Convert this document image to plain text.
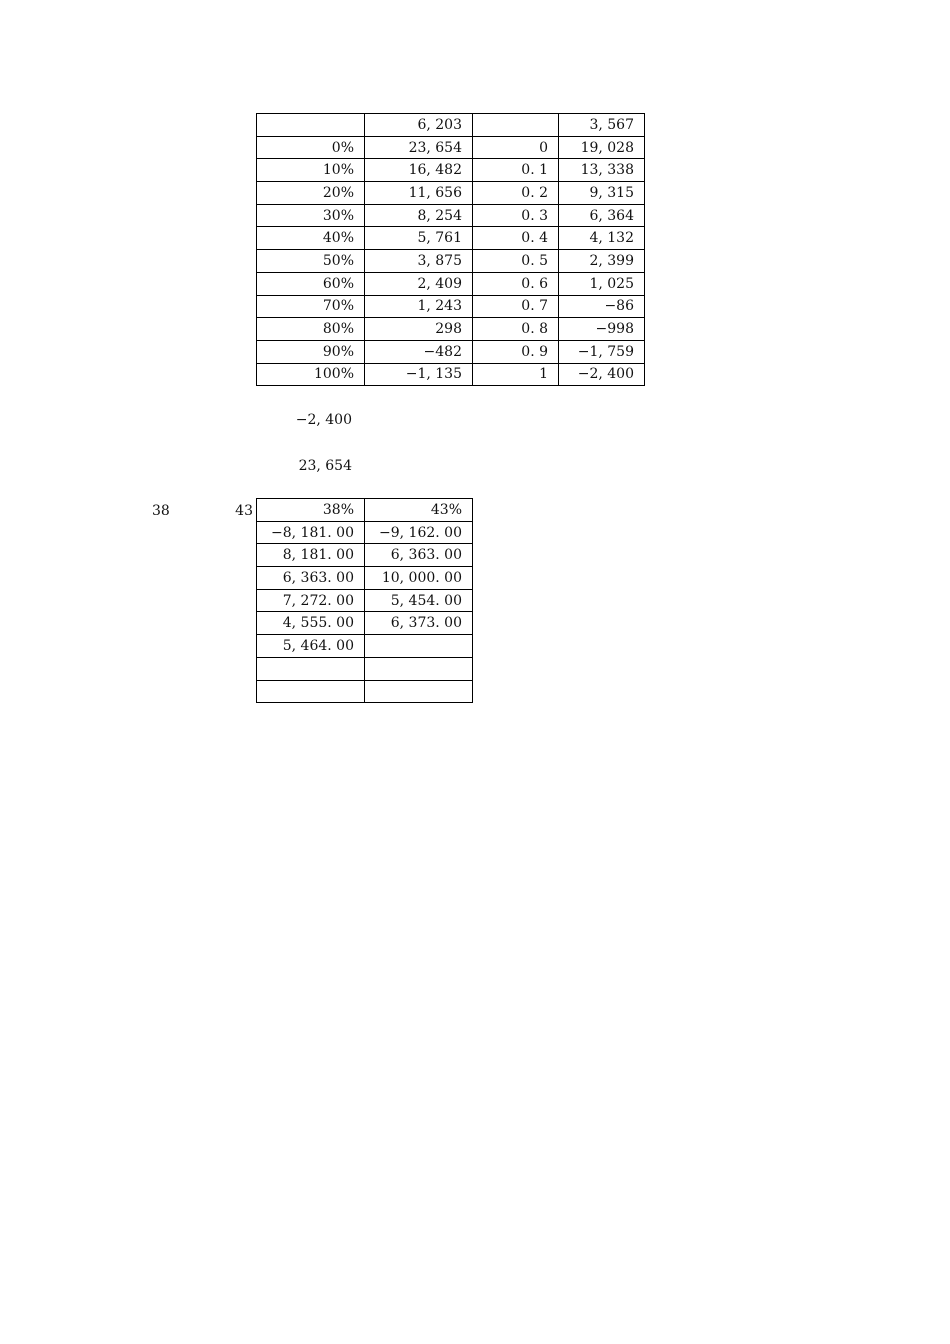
	6, 203		3, 567
0%	23, 654	0	19, 028
10%	16, 482	0. 1	13, 338
20%	11, 656	0. 2	9, 315
30%	8, 254	0. 3	6, 364
40%	5, 761	0. 4	4, 132
50%	3, 875	0. 5	2, 399
60%	2, 409	0. 6	1, 025
70%	1, 243	0. 7	−86
80%	298	0. 8	−998
90%	−482	0. 9	−1, 759
100%	−1, 135	1	−2, 400
−2, 400
23, 654
38	43	38%	43%
−8, 181. 00	−9, 162. 00
8, 181. 00	6, 363. 00
6, 363. 00	10, 000. 00
7, 272. 00	5, 454. 00
4, 555. 00	6, 373. 00
5, 464. 00	
